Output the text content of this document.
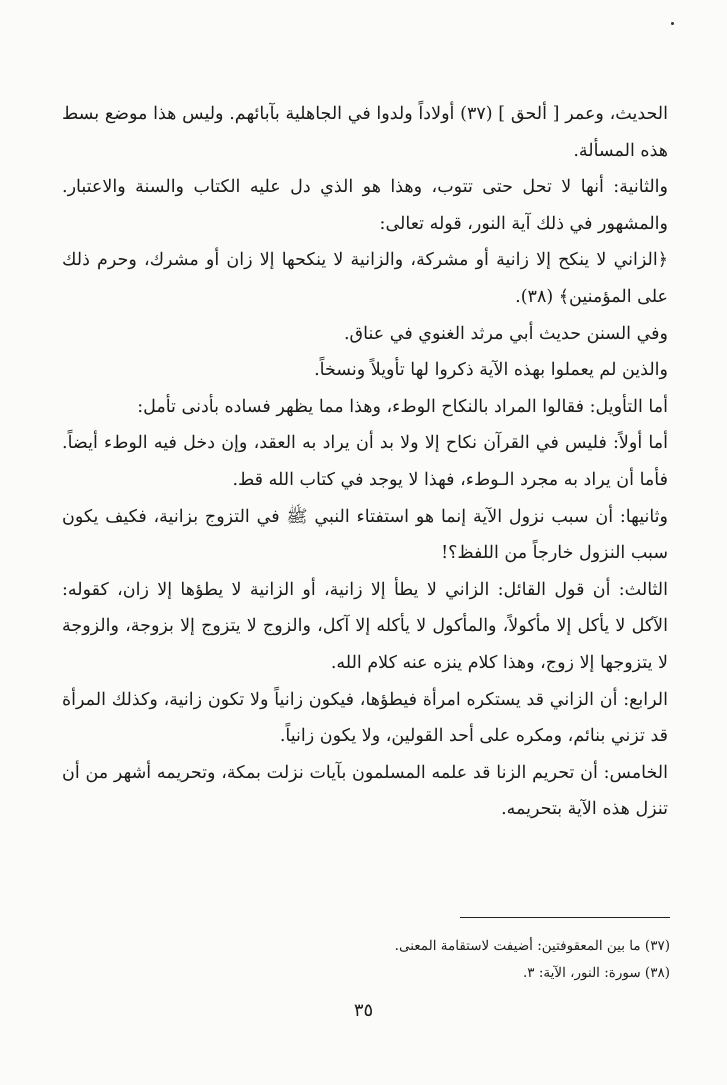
الحديث، وعمر [ ألحق ] (٣٧) أولاداً ولدوا في الجاهلية بآبائهم. وليس هذا موضع بسط هذه المسألة.

والثانية: أنها لا تحل حتى تتوب، وهذا هو الذي دل عليه الكتاب والسنة والاعتبار. والمشهور في ذلك آية النور، قوله تعالى:

﴿الزاني لا ينكح إلا زانية أو مشركة، والزانية لا ينكحها إلا زان أو مشرك، وحرم ذلك على المؤمنين﴾ (٣٨).

وفي السنن حديث أبي مرثد الغنوي في عناق.

والذين لم يعملوا بهذه الآية ذكروا لها تأويلاً ونسخاً.

أما التأويل: فقالوا المراد بالنكاح الوطء، وهذا مما يظهر فساده بأدنى تأمل:

أما أولاً: فليس في القرآن نكاح إلا ولا بد أن يراد به العقد، وإن دخل فيه الوطء أيضاً. فأما أن يراد به مجرد الـوطء، فهذا لا يوجد في كتاب الله قط.

وثانيها: أن سبب نزول الآية إنما هو استفتاء النبي ﷺ في التزوج بزانية، فكيف يكون سبب النزول خارجاً من اللفظ؟!

الثالث: أن قول القائل: الزاني لا يطأ إلا زانية، أو الزانية لا يطؤها إلا زان، كقوله: الآكل لا يأكل إلا مأكولاً، والمأكول لا يأكله إلا آكل، والزوج لا يتزوج إلا بزوجة، والزوجة لا يتزوجها إلا زوج، وهذا كلام ينزه عنه كلام الله.

الرابع: أن الزاني قد يستكره امرأة فيطؤها، فيكون زانياً ولا تكون زانية، وكذلك المرأة قد تزني بنائم، ومكره على أحد القولين، ولا يكون زانياً.

الخامس: أن تحريم الزنا قد علمه المسلمون بآيات نزلت بمكة، وتحريمه أشهر من أن تنزل هذه الآية بتحريمه.

(٣٧) ما بين المعقوفتين: أضيفت لاستقامة المعنى.

(٣٨) سورة: النور، الآية: ٣.

٣٥
